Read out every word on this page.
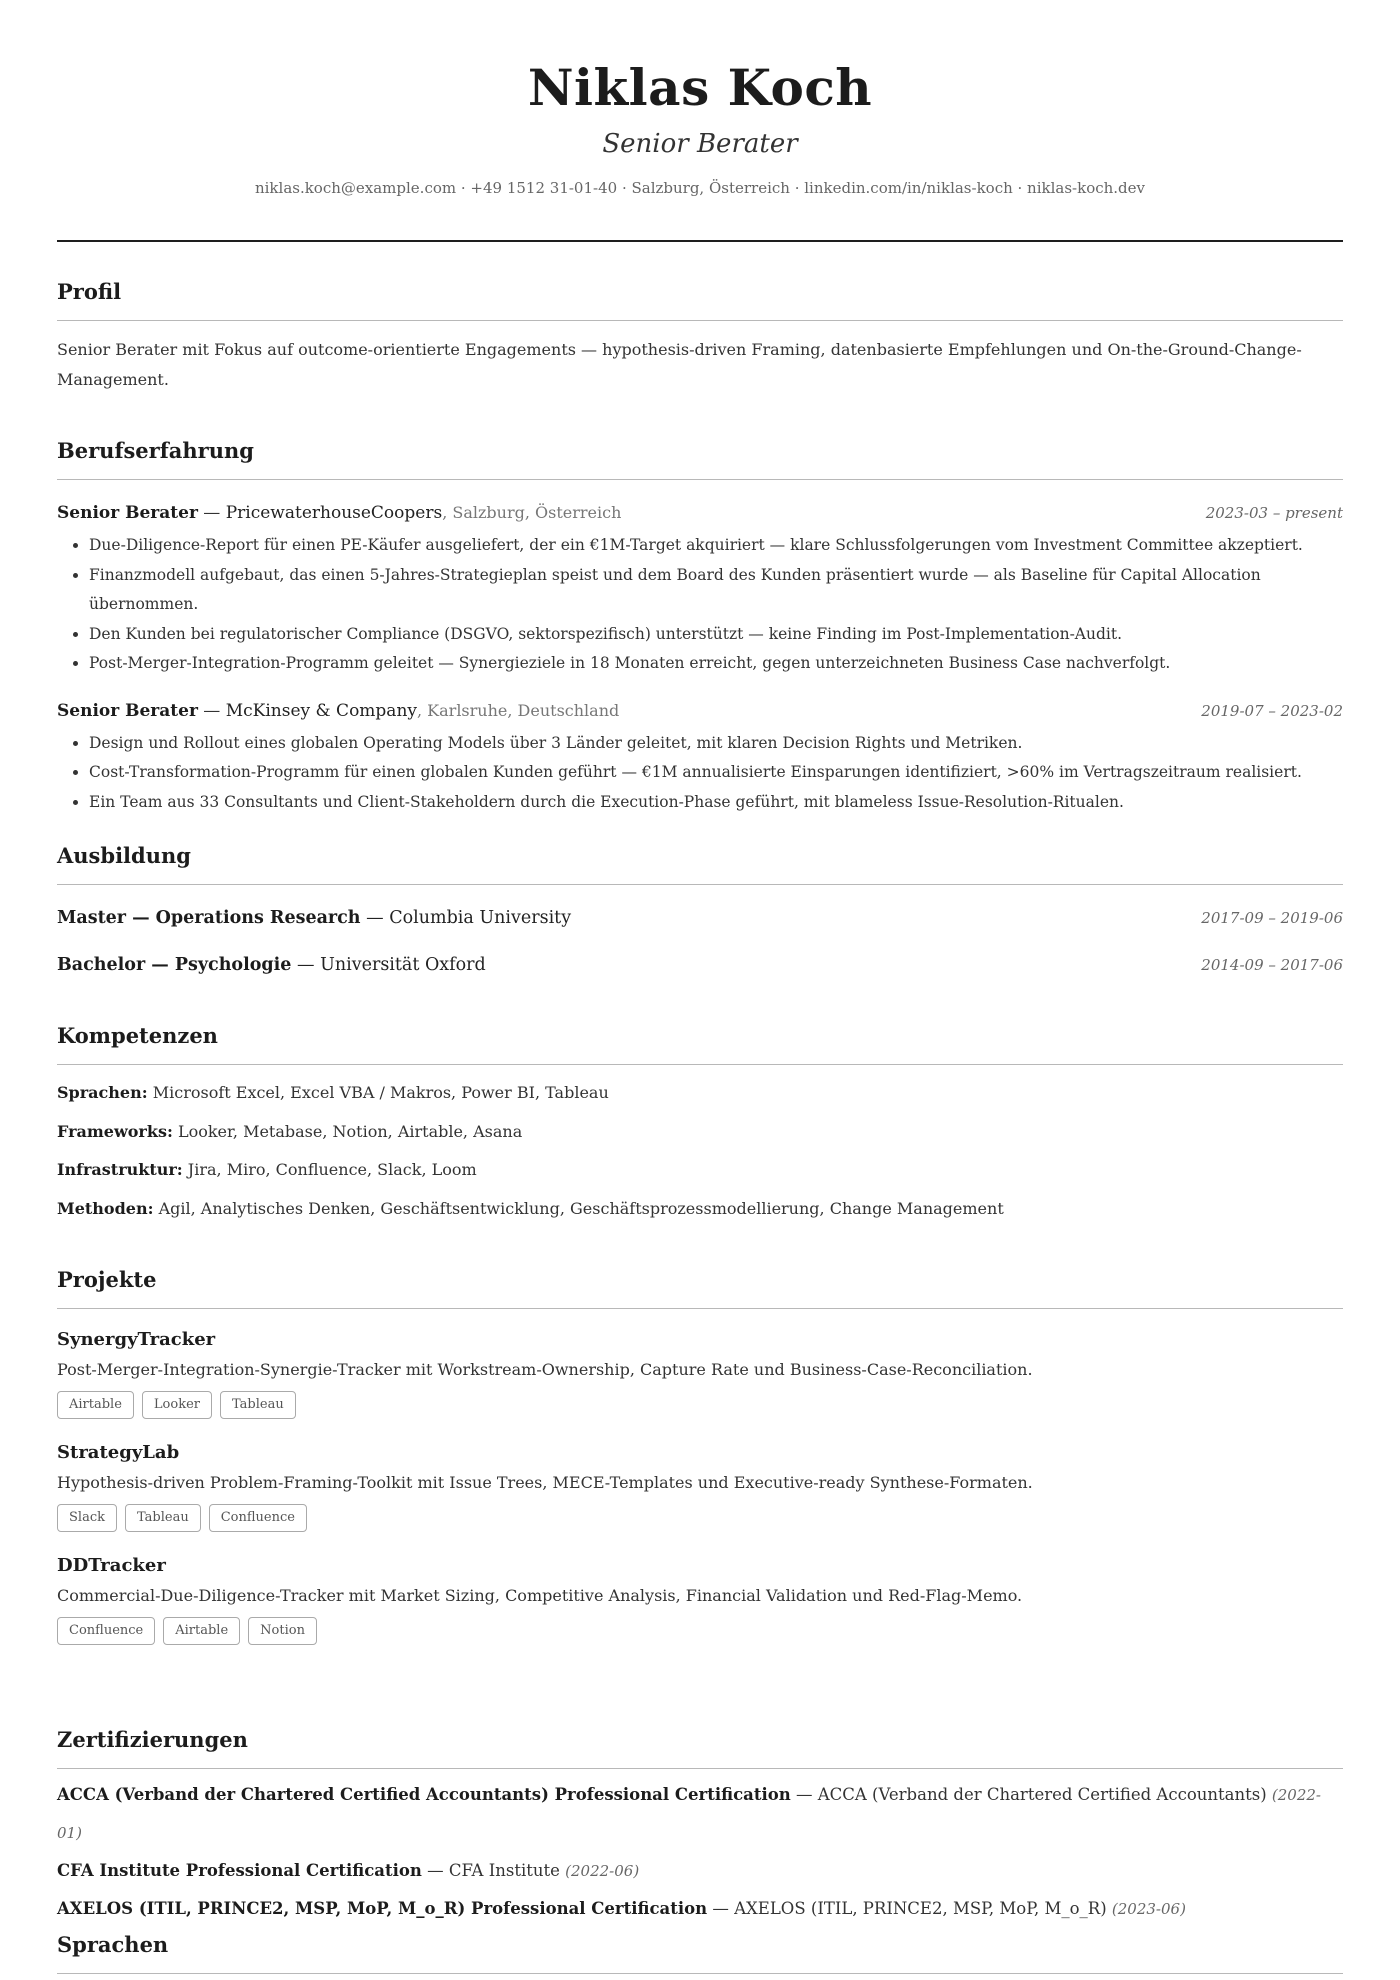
Niklas Koch
Senior Berater
niklas.koch@example.com · +49 1512 31-01-40 · Salzburg, Österreich · linkedin.com/in/niklas-koch · niklas-koch.dev
Profil
Senior Berater mit Fokus auf outcome-orientierte Engagements — hypothesis-driven Framing, datenbasierte Empfehlungen und On-the-Ground-Change-Management.
Berufserfahrung
Senior Berater — PricewaterhouseCoopers, Salzburg, Österreich	2023-03 – present
• Due-Diligence-Report für einen PE-Käufer ausgeliefert, der ein €1M-Target akquiriert — klare Schlussfolgerungen vom Investment Committee akzeptiert.
• Finanzmodell aufgebaut, das einen 5-Jahres-Strategieplan speist und dem Board des Kunden präsentiert wurde — als Baseline für Capital Allocation übernommen.
• Den Kunden bei regulatorischer Compliance (DSGVO, sektorspezifisch) unterstützt — keine Finding im Post-Implementation-Audit.
• Post-Merger-Integration-Programm geleitet — Synergieziele in 18 Monaten erreicht, gegen unterzeichneten Business Case nachverfolgt.
Senior Berater — McKinsey & Company, Karlsruhe, Deutschland	2019-07 – 2023-02
• Design und Rollout eines globalen Operating Models über 3 Länder geleitet, mit klaren Decision Rights und Metriken.
• Cost-Transformation-Programm für einen globalen Kunden geführt — €1M annualisierte Einsparungen identifiziert, >60% im Vertragszeitraum realisiert.
• Ein Team aus 33 Consultants und Client-Stakeholdern durch die Execution-Phase geführt, mit blameless Issue-Resolution-Ritualen.
Ausbildung
Master — Operations Research — Columbia University	2017-09 – 2019-06
Bachelor — Psychologie — Universität Oxford	2014-09 – 2017-06
Kompetenzen
Sprachen: Microsoft Excel, Excel VBA / Makros, Power BI, Tableau
Frameworks: Looker, Metabase, Notion, Airtable, Asana
Infrastruktur: Jira, Miro, Confluence, Slack, Loom
Methoden: Agil, Analytisches Denken, Geschäftsentwicklung, Geschäftsprozessmodellierung, Change Management
Projekte
SynergyTracker
Post-Merger-Integration-Synergie-Tracker mit Workstream-Ownership, Capture Rate und Business-Case-Reconciliation.
Airtable	Looker	Tableau
StrategyLab
Hypothesis-driven Problem-Framing-Toolkit mit Issue Trees, MECE-Templates und Executive-ready Synthese-Formaten.
Slack	Tableau	Confluence
DDTracker
Commercial-Due-Diligence-Tracker mit Market Sizing, Competitive Analysis, Financial Validation und Red-Flag-Memo.
Confluence	Airtable	Notion
Zertifizierungen
ACCA (Verband der Chartered Certified Accountants) Professional Certification — ACCA (Verband der Chartered Certified Accountants) (2022-01)
CFA Institute Professional Certification — CFA Institute (2022-06)
AXELOS (ITIL, PRINCE2, MSP, MoP, M_o_R) Professional Certification — AXELOS (ITIL, PRINCE2, MSP, MoP, M_o_R) (2023-06)
Sprachen
